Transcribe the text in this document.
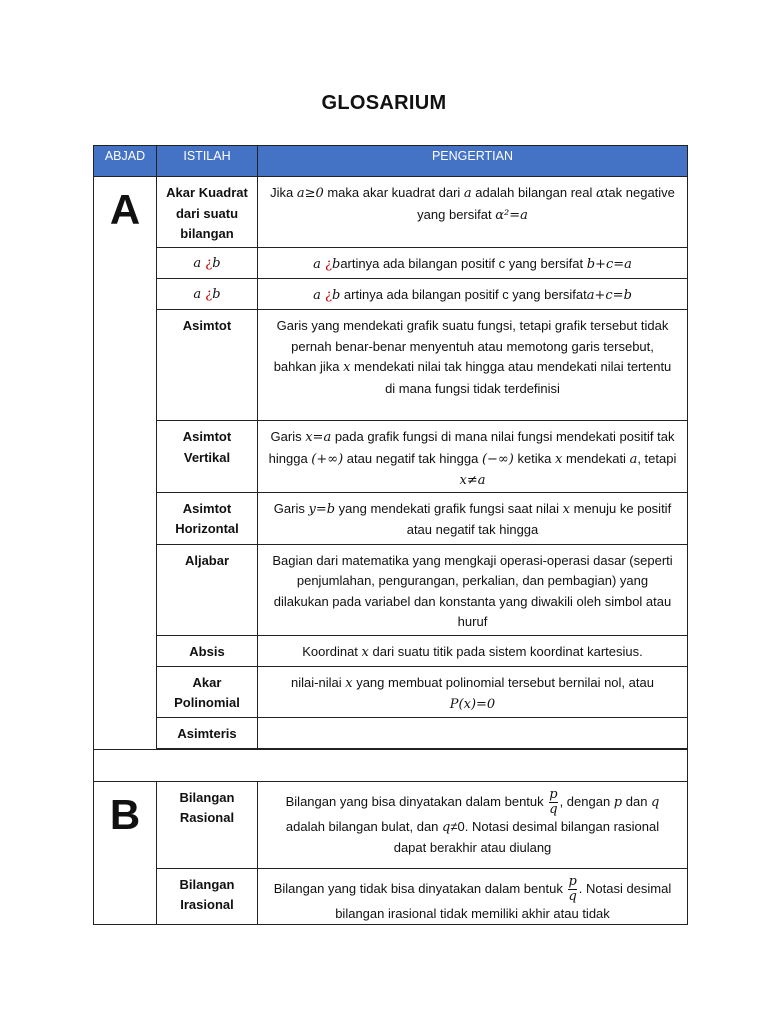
GLOSARIUM
ABJAD	ISTILAH	PENGERTIAN
A	Akar Kuadrat dari suatu bilangan	Jika a≥0 maka akar kuadrat dari a adalah bilangan real αtak negative yang bersifat α²=a
	a ¿b	a ¿bartinya ada bilangan positif c yang bersifat b+c=a
	a ¿b	a ¿b artinya ada bilangan positif c yang bersifata+c=b
	Asimtot	Garis yang mendekati grafik suatu fungsi, tetapi grafik tersebut tidak pernah benar-benar menyentuh atau memotong garis tersebut, bahkan jika x mendekati nilai tak hingga atau mendekati nilai tertentu di mana fungsi tidak terdefinisi
	Asimtot Vertikal	Garis x=a pada grafik fungsi di mana nilai fungsi mendekati positif tak hingga (+∞) atau negatif tak hingga (−∞) ketika x mendekati a, tetapi x≠a
	Asimtot Horizontal	Garis y=b yang mendekati grafik fungsi saat nilai x menuju ke positif atau negatif tak hingga
	Aljabar	Bagian dari matematika yang mengkaji operasi-operasi dasar (seperti penjumlahan, pengurangan, perkalian, dan pembagian) yang dilakukan pada variabel dan konstanta yang diwakili oleh simbol atau huruf
	Absis	Koordinat x dari suatu titik pada sistem koordinat kartesius.
	Akar Polinomial	nilai-nilai x yang membuat polinomial tersebut bernilai nol, atau P(x)=0
	Asimteris	

B	Bilangan Rasional	Bilangan yang bisa dinyatakan dalam bentuk $\frac{p}{q}$ , dengan p dan q adalah bilangan bulat, dan q≠0. Notasi desimal bilangan rasional dapat berakhir atau diulang
	Bilangan Irasional	Bilangan yang tidak bisa dinyatakan dalam bentuk $\frac{p}{q}$ . Notasi desimal bilangan irasional tidak memiliki akhir atau tidak
